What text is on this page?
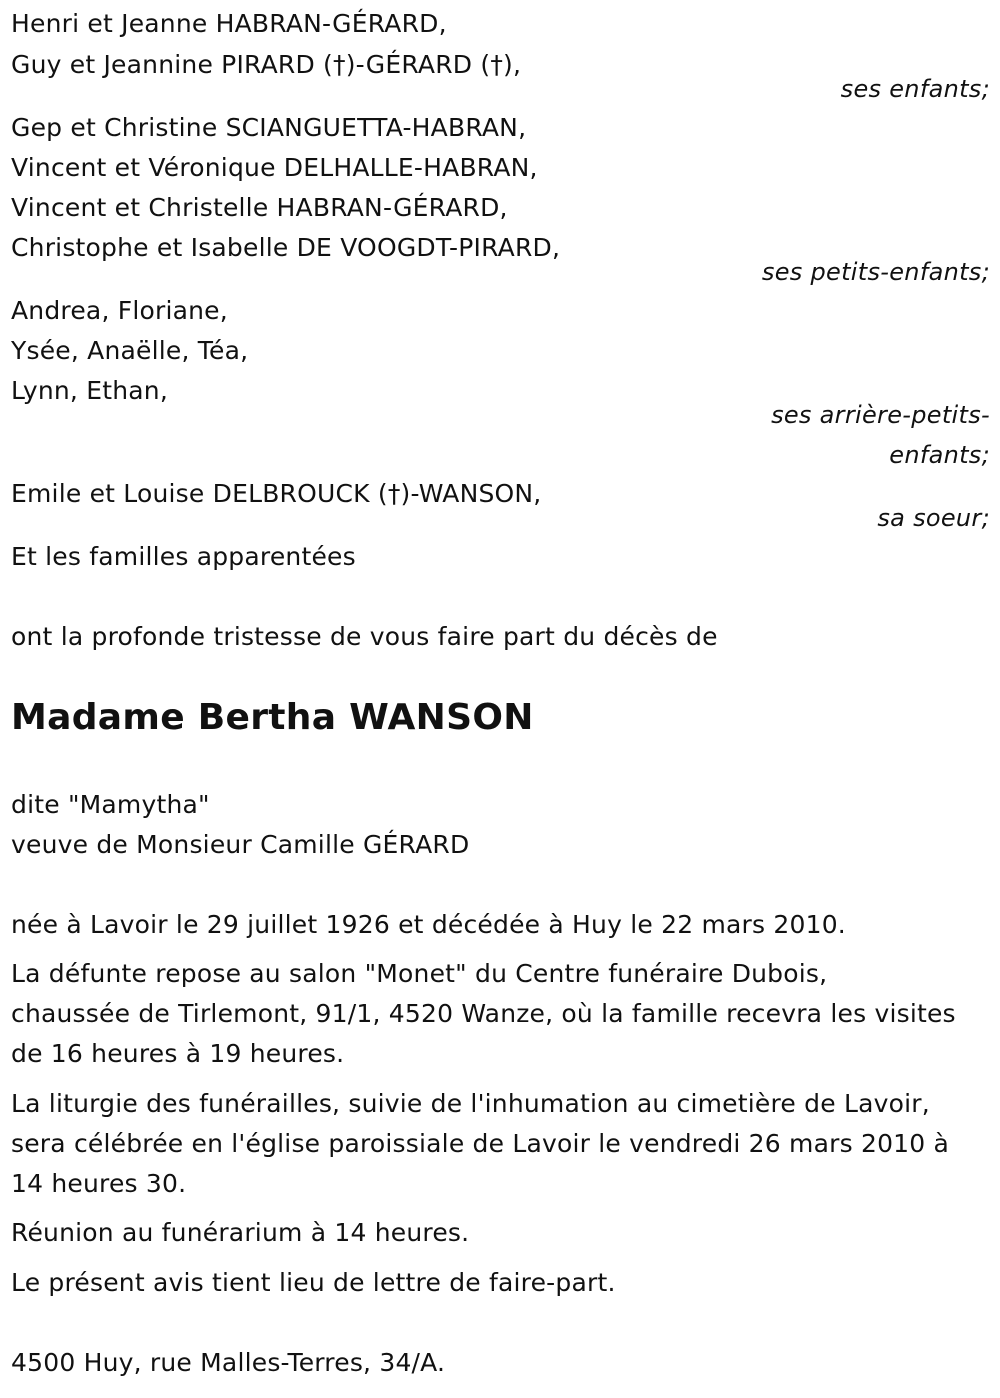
Henri et Jeanne HABRAN-GÉRARD,
Guy et Jeannine PIRARD (†)-GÉRARD (†),
ses enfants;
Gep et Christine SCIANGUETTA-HABRAN,
Vincent et Véronique DELHALLE-HABRAN,
Vincent et Christelle HABRAN-GÉRARD,
Christophe et Isabelle DE VOOGDT-PIRARD,
ses petits-enfants;
Andrea, Floriane,
Ysée, Anaëlle, Téa,
Lynn, Ethan,
ses arrière-petits-
enfants;
Emile et Louise DELBROUCK (†)-WANSON,
sa soeur;
Et les familles apparentées
ont la profonde tristesse de vous faire part du décès de
Madame Bertha WANSON
dite "Mamytha"
veuve de Monsieur Camille GÉRARD
née à Lavoir le 29 juillet 1926 et décédée à Huy le 22 mars 2010.
La défunte repose au salon "Monet" du Centre funéraire Dubois,
chaussée de Tirlemont, 91/1, 4520 Wanze, où la famille recevra les visites
de 16 heures à 19 heures.
La liturgie des funérailles, suivie de l'inhumation au cimetière de Lavoir,
sera célébrée en l'église paroissiale de Lavoir le vendredi 26 mars 2010 à
14 heures 30.
Réunion au funérarium à 14 heures.
Le présent avis tient lieu de lettre de faire-part.
4500 Huy, rue Malles-Terres, 34/A.
